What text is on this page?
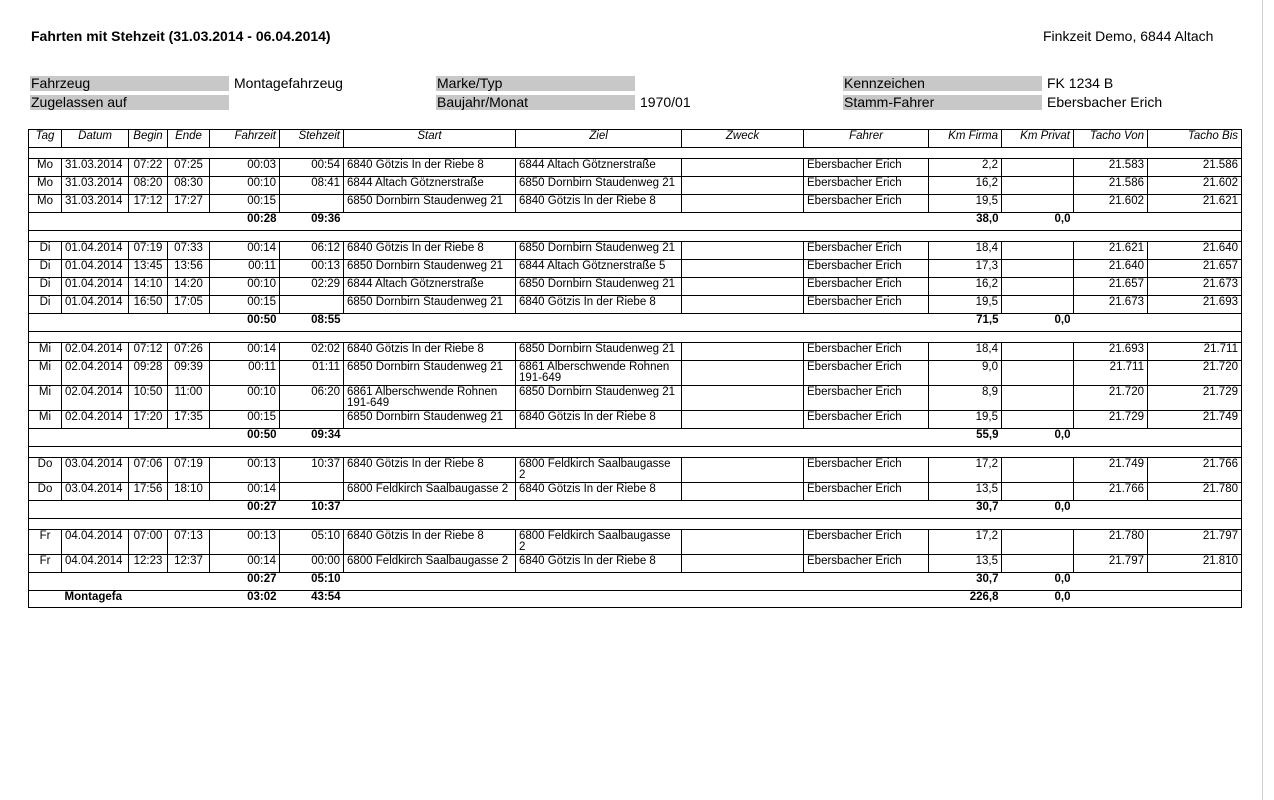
Fahrten mit Stehzeit (31.03.2014 - 06.04.2014)	Finkzeit Demo, 6844 Altach
Fahrzeug	Montagefahrzeug
Zugelassen auf
Marke/Typ
Baujahr/Monat	1970/01
Kennzeichen	FK 1234 B
Stamm-Fahrer	Ebersbacher Erich
Tag	Datum	Begin	Ende	Fahrzeit	Stehzeit	Start	Ziel	Zweck	Fahrer	Km Firma	Km Privat	Tacho Von	Tacho Bis

Mo	31.03.2014	07:22	07:25	00:03	00:54	6840 Götzis In der Riebe 8	6844 Altach Götznerstraße		Ebersbacher Erich	2,2		21.583	21.586
Mo	31.03.2014	08:20	08:30	00:10	08:41	6844 Altach Götznerstraße	6850 Dornbirn Staudenweg 21		Ebersbacher Erich	16,2		21.586	21.602
Mo	31.03.2014	17:12	17:27	00:15		6850 Dornbirn Staudenweg 21	6840 Götzis In der Riebe 8		Ebersbacher Erich	19,5		21.602	21.621
				00:28	09:36					38,0	0,0		

Di	01.04.2014	07:19	07:33	00:14	06:12	6840 Götzis In der Riebe 8	6850 Dornbirn Staudenweg 21		Ebersbacher Erich	18,4		21.621	21.640
Di	01.04.2014	13:45	13:56	00:11	00:13	6850 Dornbirn Staudenweg 21	6844 Altach Götznerstraße 5		Ebersbacher Erich	17,3		21.640	21.657
Di	01.04.2014	14:10	14:20	00:10	02:29	6844 Altach Götznerstraße	6850 Dornbirn Staudenweg 21		Ebersbacher Erich	16,2		21.657	21.673
Di	01.04.2014	16:50	17:05	00:15		6850 Dornbirn Staudenweg 21	6840 Götzis In der Riebe 8		Ebersbacher Erich	19,5		21.673	21.693
				00:50	08:55					71,5	0,0		

Mi	02.04.2014	07:12	07:26	00:14	02:02	6840 Götzis In der Riebe 8	6850 Dornbirn Staudenweg 21		Ebersbacher Erich	18,4		21.693	21.711
Mi	02.04.2014	09:28	09:39	00:11	01:11	6850 Dornbirn Staudenweg 21	6861 Alberschwende Rohnen 191-649		Ebersbacher Erich	9,0		21.711	21.720
Mi	02.04.2014	10:50	11:00	00:10	06:20	6861 Alberschwende Rohnen 191-649	6850 Dornbirn Staudenweg 21		Ebersbacher Erich	8,9		21.720	21.729
Mi	02.04.2014	17:20	17:35	00:15		6850 Dornbirn Staudenweg 21	6840 Götzis In der Riebe 8		Ebersbacher Erich	19,5		21.729	21.749
				00:50	09:34					55,9	0,0		

Do	03.04.2014	07:06	07:19	00:13	10:37	6840 Götzis In der Riebe 8	6800 Feldkirch Saalbaugasse 2		Ebersbacher Erich	17,2		21.749	21.766
Do	03.04.2014	17:56	18:10	00:14		6800 Feldkirch Saalbaugasse 2	6840 Götzis In der Riebe 8		Ebersbacher Erich	13,5		21.766	21.780
				00:27	10:37					30,7	0,0		

Fr	04.04.2014	07:00	07:13	00:13	05:10	6840 Götzis In der Riebe 8	6800 Feldkirch Saalbaugasse 2		Ebersbacher Erich	17,2		21.780	21.797
Fr	04.04.2014	12:23	12:37	00:14	00:00	6800 Feldkirch Saalbaugasse 2	6840 Götzis In der Riebe 8		Ebersbacher Erich	13,5		21.797	21.810
				00:27	05:10					30,7	0,0		
	Montagefa			03:02	43:54					226,8	0,0		
